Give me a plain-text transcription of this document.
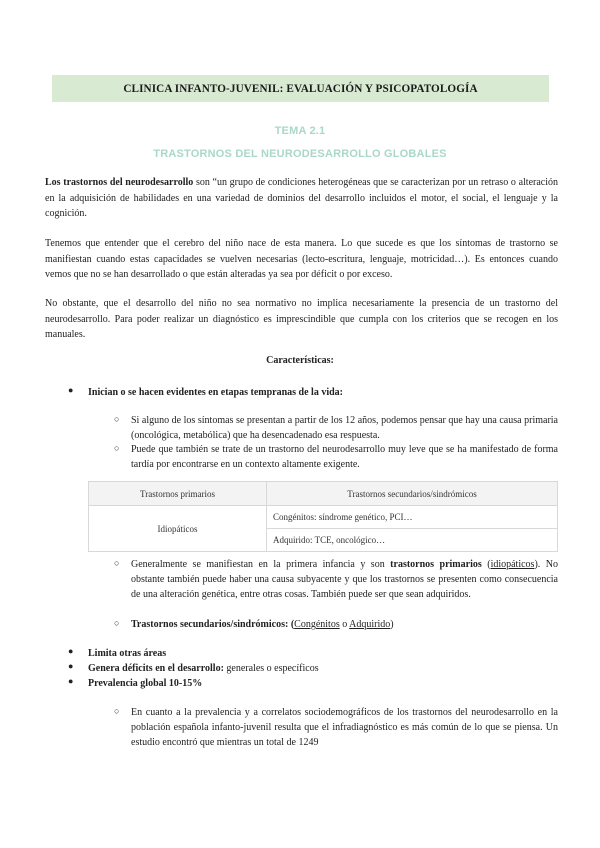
CLINICA INFANTO-JUVENIL: EVALUACIÓN Y PSICOPATOLOGÍA
TEMA 2.1
TRASTORNOS DEL NEURODESARROLLO GLOBALES

Los trastornos del neurodesarrollo son “un grupo de condiciones heterogéneas que se caracterizan por un retraso o alteración en la adquisición de habilidades en una variedad de dominios del desarrollo incluidos el motor, el social, el lenguaje y la cognición.

Tenemos que entender que el cerebro del niño nace de esta manera. Lo que sucede es que los síntomas de trastorno se manifiestan cuando estas capacidades se vuelven necesarias (lecto-escritura, lenguaje, motricidad…). Es entonces cuando vemos que no se han desarrollado o que están alteradas ya sea por déficit o por exceso.

No obstante, que el desarrollo del niño no sea normativo no implica necesariamente la presencia de un trastorno del neurodesarrollo. Para poder realizar un diagnóstico es imprescindible que cumpla con los criterios que se recogen en los manuales.

Características:
● Inician o se hacen evidentes en etapas tempranas de la vida:
○ Si alguno de los síntomas se presentan a partir de los 12 años, podemos pensar que hay una causa primaria (oncológica, metabólica) que ha desencadenado esa respuesta.

○ Puede que también se trate de un trastorno del neurodesarrollo muy leve que se ha manifestado de forma tardía por encontrarse en un contexto altamente exigente.

Trastornos primarios	Trastornos secundarios/sindrómicos
Idiopáticos	Congénitos: síndrome genético, PCI…
	Adquirido: TCE, oncológico…
○ Generalmente se manifiestan en la primera infancia y son trastornos primarios (idiopáticos). No obstante también puede haber una causa subyacente y que los trastornos se presenten como consecuencia de una alteración genética, entre otras cosas. También puede ser que sean adquiridos.

○ Trastornos secundarios/sindrómicos: (Congénitos o Adquirido)

● Limita otras áreas
● Genera déficits en el desarrollo: generales o específicos
● Prevalencia global 10-15%
○ En cuanto a la prevalencia y a correlatos sociodemográficos de los trastornos del neurodesarrollo en la población española infanto-juvenil resulta que el infradiagnóstico es más común de lo que se piensa. Un estudio encontró que mientras un total de 1249
